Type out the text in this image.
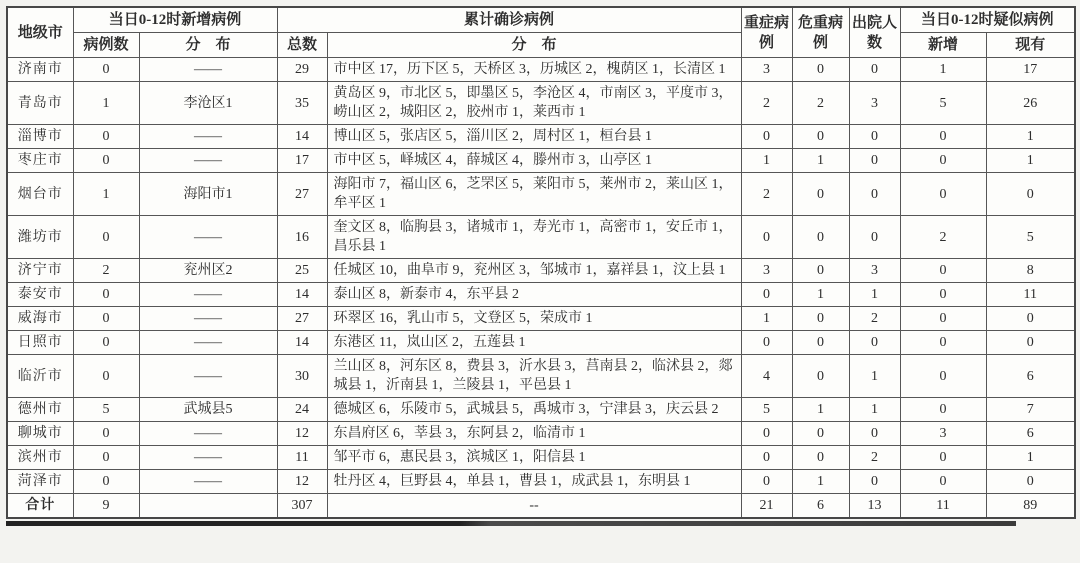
地级市	当日0-12时新增病例		累计确诊病例		重症病例	危重病例	出院人数	当日0-12时疑似病例	
	病例数	分　布	总数	分　布				新增	现有
济南市	0	——	29	市中区 17，历下区 5，天桥区 3，历城区 2，槐荫区 1，长清区 1	3	0	0	1	17
青岛市	1	李沧区1	35	黄岛区 9，市北区 5，即墨区 5，李沧区 4，市南区 3，平度市 3，崂山区 2，城阳区 2，胶州市 1，莱西市 1	2	2	3	5	26
淄博市	0	——	14	博山区 5，张店区 5，淄川区 2，周村区 1，桓台县 1	0	0	0	0	1
枣庄市	0	——	17	市中区 5，峄城区 4，薛城区 4，滕州市 3，山亭区 1	1	1	0	0	1
烟台市	1	海阳市1	27	海阳市 7，福山区 6，芝罘区 5，莱阳市 5，莱州市 2，莱山区 1，牟平区 1	2	0	0	0	0
潍坊市	0	——	16	奎文区 8，临朐县 3，诸城市 1，寿光市 1，高密市 1，安丘市 1，昌乐县 1	0	0	0	2	5
济宁市	2	兖州区2	25	任城区 10，曲阜市 9，兖州区 3，邹城市 1，嘉祥县 1，汶上县 1	3	0	3	0	8
泰安市	0	——	14	泰山区 8，新泰市 4，东平县 2	0	1	1	0	11
威海市	0	——	27	环翠区 16，乳山市 5，文登区 5，荣成市 1	1	0	2	0	0
日照市	0	——	14	东港区 11，岚山区 2，五莲县 1	0	0	0	0	0
临沂市	0	——	30	兰山区 8，河东区 8，费县 3，沂水县 3，莒南县 2，临沭县 2，郯城县 1，沂南县 1，兰陵县 1，平邑县 1	4	0	1	0	6
德州市	5	武城县5	24	德城区 6，乐陵市 5，武城县 5，禹城市 3，宁津县 3，庆云县 2	5	1	1	0	7
聊城市	0	——	12	东昌府区 6，莘县 3，东阿县 2，临清市 1	0	0	0	3	6
滨州市	0	——	11	邹平市 6，惠民县 3，滨城区 1，阳信县 1	0	0	2	0	1
菏泽市	0	——	12	牡丹区 4，巨野县 4，单县 1，曹县 1，成武县 1，东明县 1	0	1	0	0	0
合计	9		307	--	21	6	13	11	89
